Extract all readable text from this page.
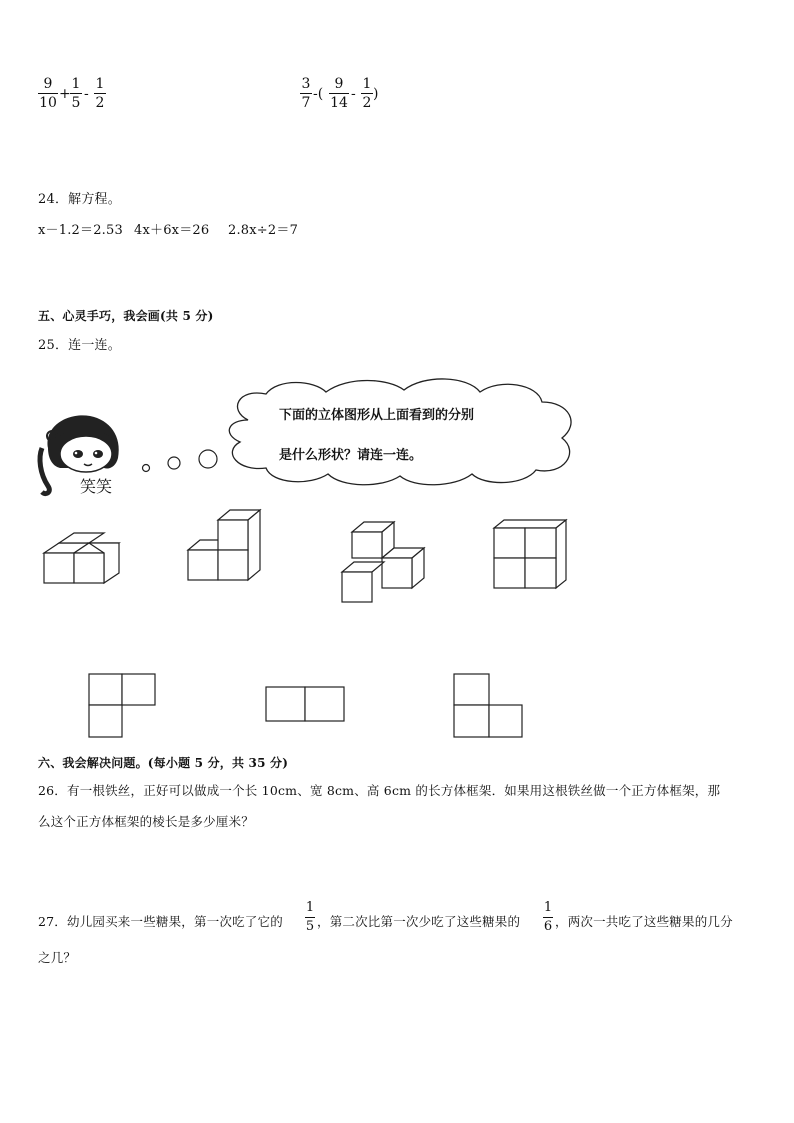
9
10
+
1
5
-
1
2
3
7
-(
9
14
-
1
2
)
24．解方程。
x－1.2＝2.53 4x＋6x＝26 2.8x÷2＝7
五、心灵手巧，我会画(共 5 分)
25．连一连。
笑笑
下面的立体图形从上面看到的分别
是什么形状？请连一连。
六、我会解决问题。(每小题 5 分，共 35 分)
26．有一根铁丝，正好可以做成一个长 10cm、宽 8cm、高 6cm 的长方体框架．如果用这根铁丝做一个正方体框架，那
么这个正方体框架的棱长是多少厘米？
27．幼儿园买来一些糖果，第一次吃了它的
1
5 ，第二次比第一次少吃了这些糖果的
1
6 ，两次一共吃了这些糖果的几分
之几？
